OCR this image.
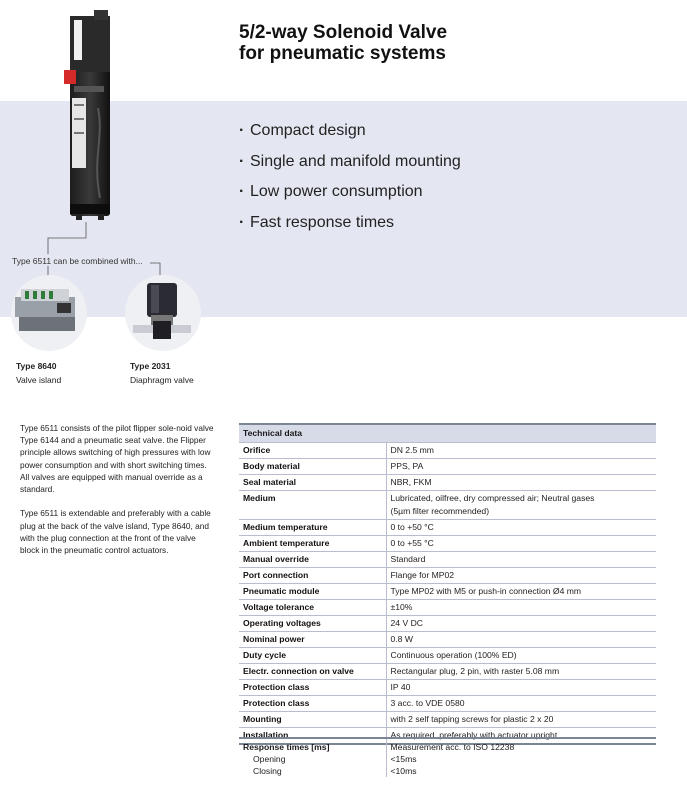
5/2-way Solenoid Valve
for pneumatic systems
· Compact design
· Single and manifold mounting
· Low power consumption
· Fast response times
Type 6511 can be combined with...
Type 8640
Valve island
Type 2031
Diaphragm valve

Type 6511 consists of the pilot flipper sole-noid valve Type 6144 and a pneumatic seat valve. the Flipper principle allows switching of high pressures with low power consumption and with short switching times. All valves are equipped with manual override as a standard.

Type 6511 is extendable and preferably with a cable plug at the back of the valve island, Type 8640, and with the plug connection at the front of the valve block in the pneumatic control actuators.

Technical data	
Orifice	DN 2.5 mm
Body material	PPS, PA
Seal material	NBR, FKM
Medium	Lubricated, oilfree, dry compressed air; Neutral gases
(5µm filter recommended)

Medium temperature	0 to +50 °C
Ambient temperature	0 to +55 °C
Manual override	Standard
Port connection	Flange for MP02
Pneumatic module	Type MP02 with M5 or push-in connection Ø4 mm
Voltage tolerance	±10%
Operating voltages	24 V DC
Nominal power	0.8 W
Duty cycle	Continuous operation (100% ED)
Electr. connection on valve	Rectangular plug, 2 pin, with raster 5.08 mm
Protection class	IP 40
Protection class	3 acc. to VDE 0580
Mounting	with 2 self tapping screws for plastic 2 x 20
Installation	As required, preferably with actuator upright
Response times [ms]	Measurement acc. to ISO 12238
Opening	<15ms
Closing	<10ms
